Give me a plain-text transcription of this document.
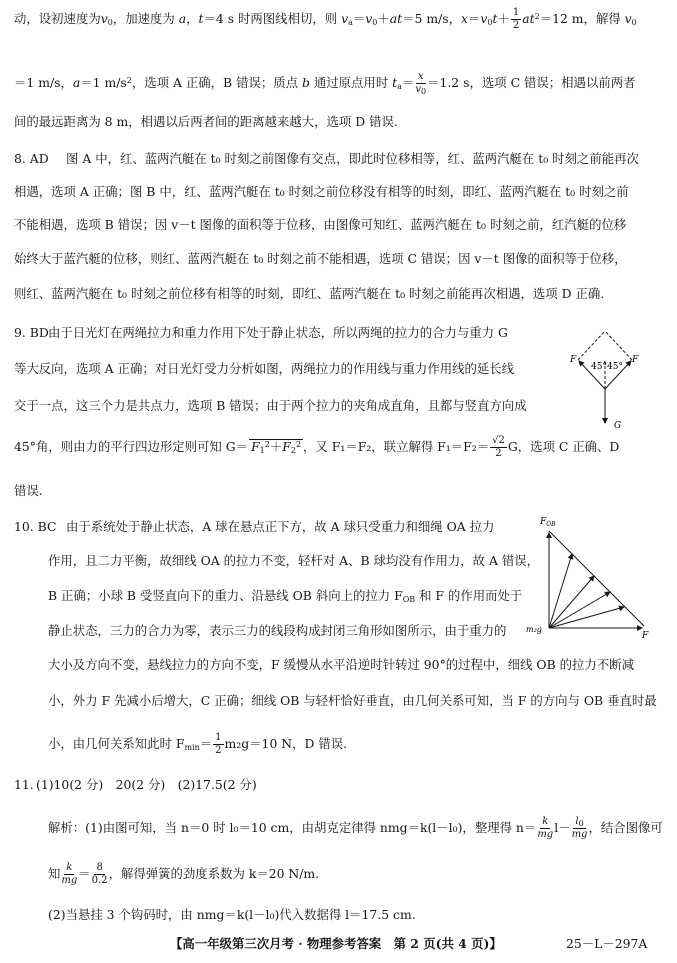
动，设初速度为$v_0$，加速度为 a，t＝4 s 时两图线相切，则 $v_a=v_0+at=5$ m/s，$x=v_0t+ \frac{1}{2} at^2=12$ m，解得 $v_0$
＝1 m/s，a＝1 $m/s^2$，选项 A 正确，B 错误；质点 b 通过原点用时 $t_a= \frac{x}{v_0} =1.2$ s，选项 C 错误；相遇以前两者
间的最远距离为 8 m，相遇以后两者间的距离越来越大，选项 D 错误.
8. AD 图 A 中，红、蓝两汽艇在 t₀ 时刻之前图像有交点，即此时位移相等，红、蓝两汽艇在 t₀ 时刻之前能再次
相遇，选项 A 正确；图 B 中，红、蓝两汽艇在 t₀ 时刻之前位移没有相等的时刻，即红、蓝两汽艇在 t₀ 时刻之前
不能相遇，选项 B 错误；因 v－t 图像的面积等于位移，由图像可知红、蓝两汽艇在 t₀ 时刻之前，红汽艇的位移
始终大于蓝汽艇的位移，则红、蓝两汽艇在 t₀ 时刻之前不能相遇，选项 C 错误；因 v－t 图像的面积等于位移，
则红、蓝两汽艇在 t₀ 时刻之前位移有相等的时刻，即红、蓝两汽艇在 t₀ 时刻之前能再次相遇，选项 D 正确.
9. BD 由于日光灯在两绳拉力和重力作用下处于静止状态，所以两绳的拉力的合力与重力 G
等大反向，选项 A 正确；对日光灯受力分析如图，两绳拉力的作用线与重力作用线的延长线
交于一点，这三个力是共点力，选项 B 错误；由于两个拉力的夹角成直角，且都与竖直方向成
45°角，则由力的平行四边形定则可知 $G= F_1^2+F_2^2$ ，又 F₁＝F₂，联立解得 $F_1=F_2= \frac{√2}{2}$ G，选项 C 正确、D
错误.
F	F
45° 45°
G
10. BC 由于系统处于静止状态，A 球在悬点正下方，故 A 球只受重力和细绳 OA 拉力
作用，且二力平衡，故细线 OA 的拉力不变，轻杆对 A、B 球均没有作用力，故 A 错误，
B 正确；小球 B 受竖直向下的重力、沿悬线 OB 斜向上的拉力 $F_{OB}$ 和 F 的作用而处于
静止状态，三力的合力为零，表示三力的线段构成封闭三角形如图所示，由于重力的
大小及方向不变，悬线拉力的方向不变，F 缓慢从水平沿逆时针转过 90°的过程中，细线 OB 的拉力不断减
小，外力 F 先减小后增大，C 正确；细线 OB 与轻杆恰好垂直，由几何关系可知，当 F 的方向与 OB 垂直时最
小，由几何关系知此时 $F_{min}= \frac{1}{2} m_2g=10$ N，D 错误.
$F_{OB}$
m₂g
F
11. (1)10(2 分)　20(2 分)　(2)17.5(2 分)
解析：(1)由图可知，当 n＝0 时 l₀＝10 cm，由胡克定律得 nmg＝k(l－l₀)，整理得 $n= \frac{k}{mg} l- \frac{l_0}{mg}$ ，结合图像可
知 $\frac{k}{mg} = \frac{8}{0.2}$ ，解得弹簧的劲度系数为 k＝20 N/m.
(2)当悬挂 3 个钩码时，由 nmg＝k(l－l₀)代入数据得 l＝17.5 cm.
【高一年级第三次月考 · 物理参考答案　第 2 页(共 4 页)】	25－L－297A
